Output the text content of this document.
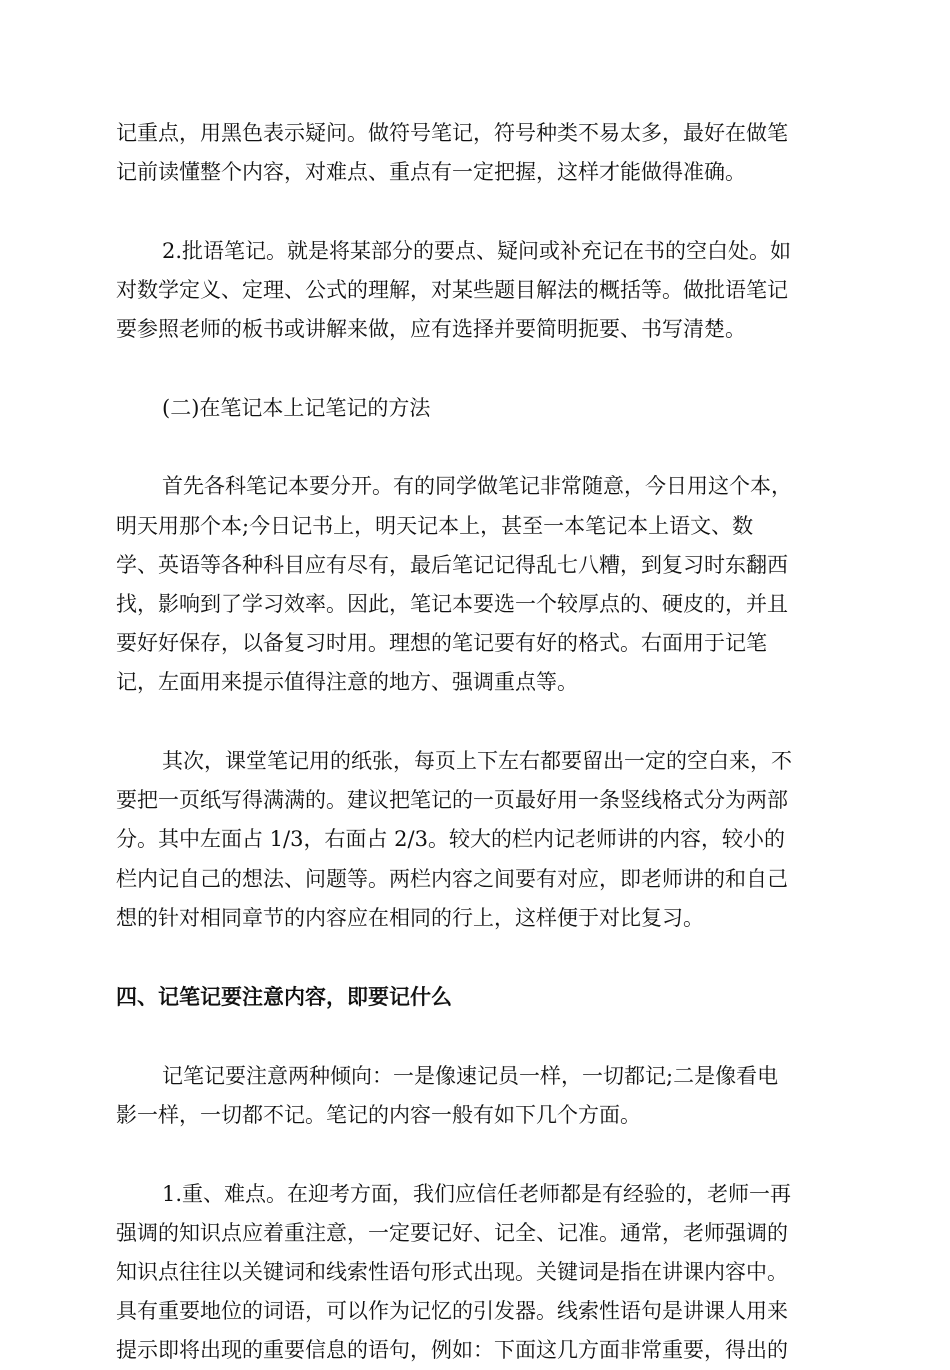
记重点，用黑色表示疑问。做符号笔记，符号种类不易太多，最好在做笔
记前读懂整个内容，对难点、重点有一定把握，这样才能做得准确。
2.批语笔记。就是将某部分的要点、疑问或补充记在书的空白处。如
对数学定义、定理、公式的理解，对某些题目解法的概括等。做批语笔记
要参照老师的板书或讲解来做，应有选择并要简明扼要、书写清楚。
(二)在笔记本上记笔记的方法
首先各科笔记本要分开。有的同学做笔记非常随意，今日用这个本，
明天用那个本;今日记书上，明天记本上，甚至一本笔记本上语文、数
学、英语等各种科目应有尽有，最后笔记记得乱七八糟，到复习时东翻西
找，影响到了学习效率。因此，笔记本要选一个较厚点的、硬皮的，并且
要好好保存，以备复习时用。理想的笔记要有好的格式。右面用于记笔
记，左面用来提示值得注意的地方、强调重点等。
其次，课堂笔记用的纸张，每页上下左右都要留出一定的空白来，不
要把一页纸写得满满的。建议把笔记的一页最好用一条竖线格式分为两部
分。其中左面占 1/3，右面占 2/3。较大的栏内记老师讲的内容，较小的
栏内记自己的想法、问题等。两栏内容之间要有对应，即老师讲的和自己
想的针对相同章节的内容应在相同的行上，这样便于对比复习。
四、记笔记要注意内容，即要记什么
记笔记要注意两种倾向：一是像速记员一样，一切都记;二是像看电
影一样，一切都不记。笔记的内容一般有如下几个方面。
1.重、难点。在迎考方面，我们应信任老师都是有经验的，老师一再
强调的知识点应着重注意，一定要记好、记全、记准。通常，老师强调的
知识点往往以关键词和线索性语句形式出现。关键词是指在讲课内容中。
具有重要地位的词语，可以作为记忆的引发器。线索性语句是讲课人用来
提示即将出现的重要信息的语句，例如：下面这几方面非常重要，得出的
